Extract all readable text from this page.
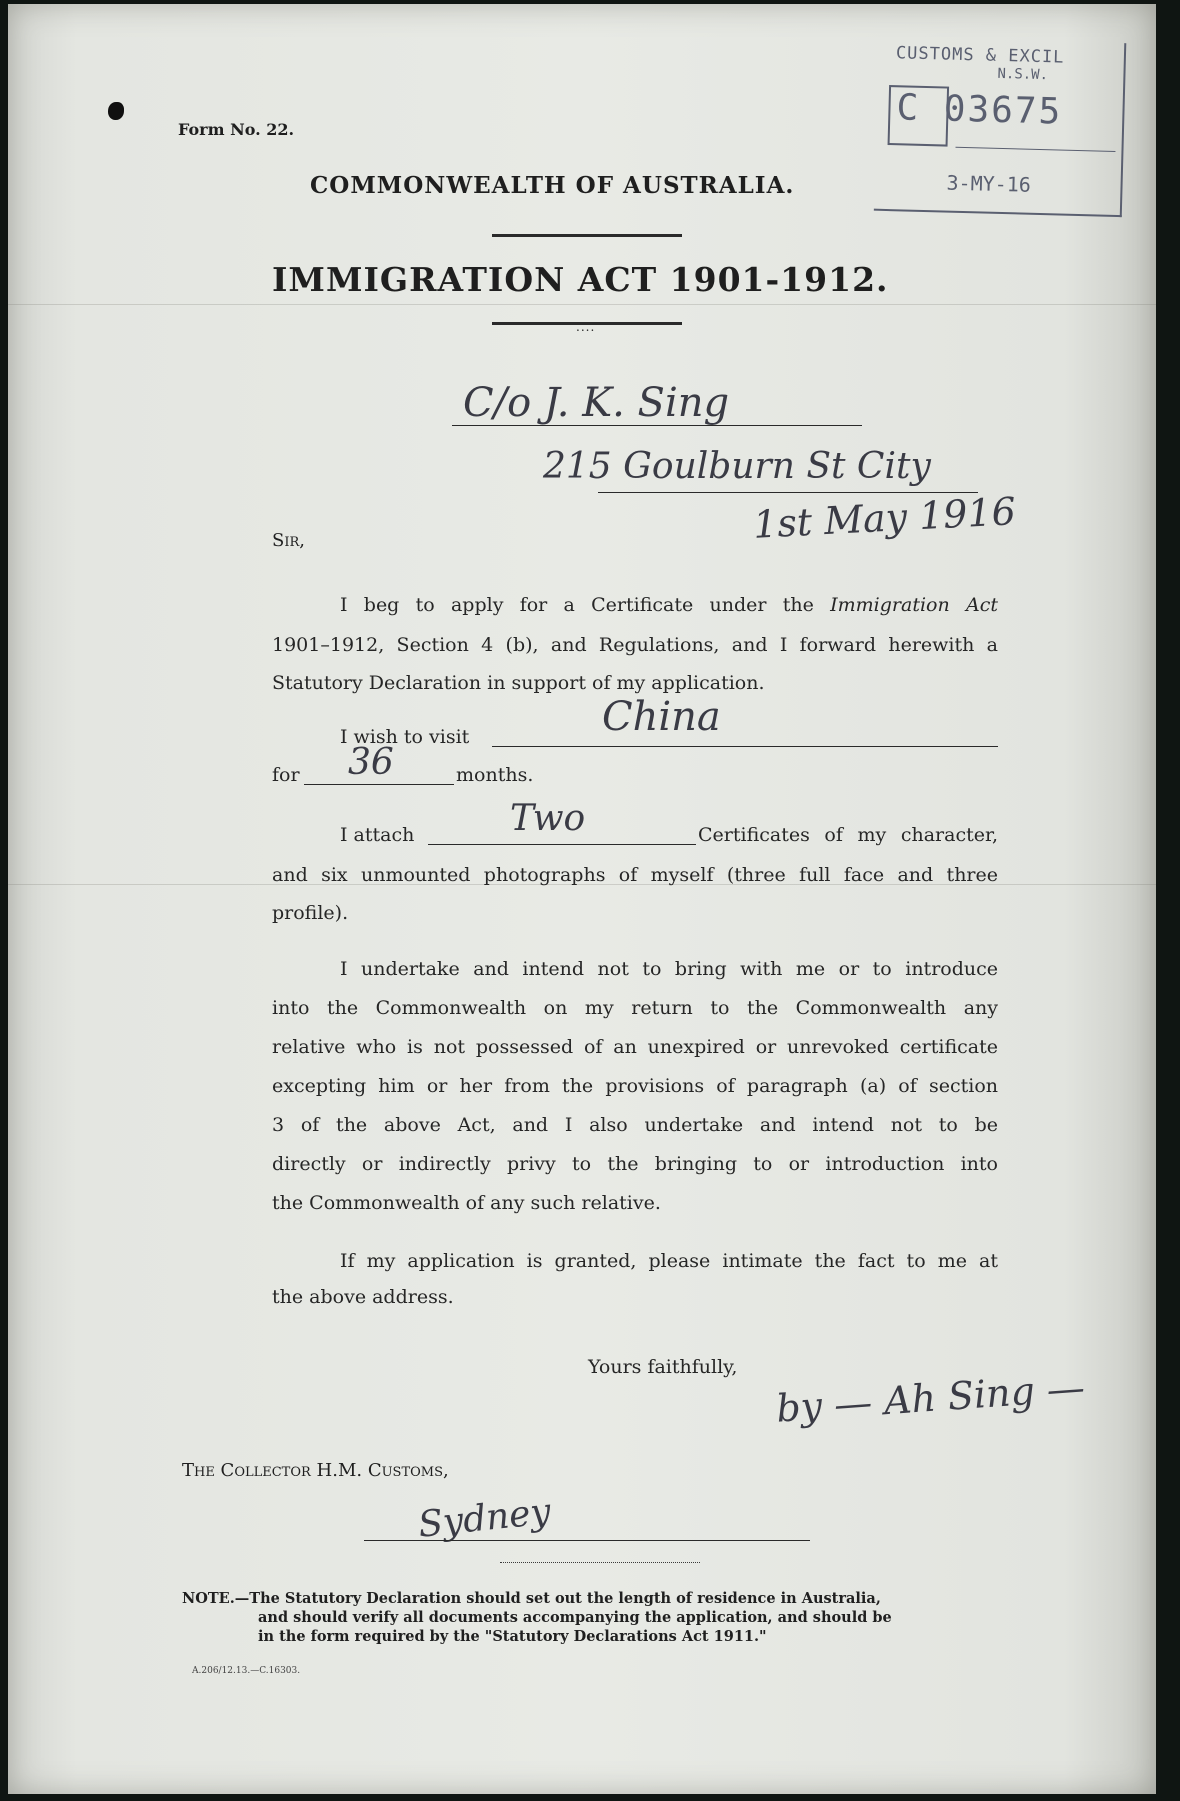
Form No. 22.
CUSTOMS & EXCIL
N.S.W.
C 03675
3-MY-16
COMMONWEALTH OF AUSTRALIA.
IMMIGRATION ACT 1901-1912.
....
C/o J. K. Sing
215 Goulburn St City
1st May 1916
Sir,
I beg to apply for a Certificate under the Immigration Act
1901–1912, Section 4 (b), and Regulations, and I forward herewith a
Statutory Declaration in support of my application.
I wish to visit	China
for 36	months.
I attach	Two	Certificates of my character,
and six unmounted photographs of myself (three full face and three
profile).
I undertake and intend not to bring with me or to introduce
into the Commonwealth on my return to the Commonwealth any
relative who is not possessed of an unexpired or unrevoked certificate
excepting him or her from the provisions of paragraph (a) of section
3 of the above Act, and I also undertake and intend not to be
directly or indirectly privy to the bringing to or introduction into
the Commonwealth of any such relative.
If my application is granted, please intimate the fact to me at
the above address.
Yours faithfully, by — Ah Sing —
The Collector H.M. Customs,
Sydney
NOTE.—The Statutory Declaration should set out the length of residence in Australia,
and should verify all documents accompanying the application, and should be
in the form required by the "Statutory Declarations Act 1911."
A.206/12.13.—C.16303.
